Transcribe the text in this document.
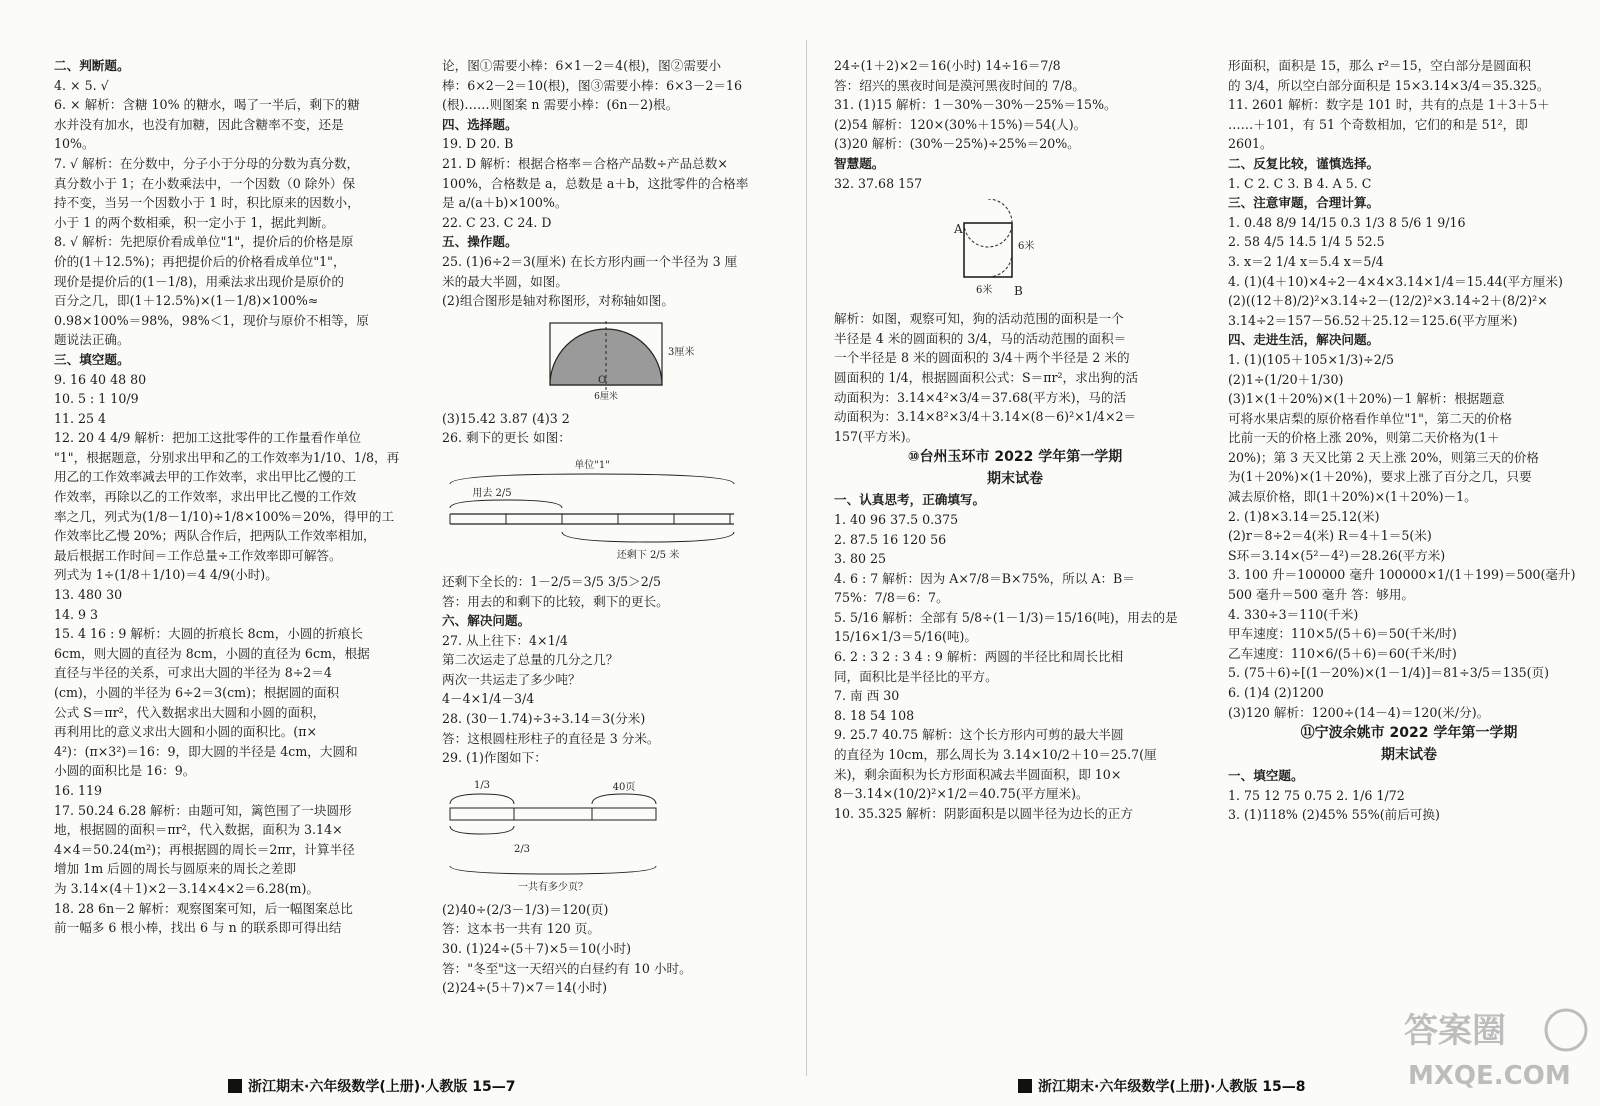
二、判断题。
4. × 5. √
6. × 解析：含糖 10% 的糖水，喝了一半后，剩下的糖
水并没有加水，也没有加糖，因此含糖率不变，还是
10%。
7. √ 解析：在分数中，分子小于分母的分数为真分数，
真分数小于 1；在小数乘法中，一个因数（0 除外）保
持不变，当另一个因数小于 1 时，积比原来的因数小，
小于 1 的两个数相乘，积一定小于 1，据此判断。
8. √ 解析：先把原价看成单位"1"，提价后的价格是原
价的(1＋12.5%)；再把提价后的价格看成单位"1"，
现价是提价后的(1－1/8)，用乘法求出现价是原价的
百分之几，即(1＋12.5%)×(1－1/8)×100%≈
0.98×100%＝98%，98%＜1，现价与原价不相等，原
题说法正确。
三、填空题。
9. 16 40 48 80
10. 5 : 1 10/9
11. 25 4
12. 20 4 4/9 解析：把加工这批零件的工作量看作单位
"1"，根据题意，分别求出甲和乙的工作效率为1/10、1/8，再
用乙的工作效率减去甲的工作效率，求出甲比乙慢的工
作效率，再除以乙的工作效率，求出甲比乙慢的工作效
率之几，列式为(1/8－1/10)÷1/8×100%＝20%，得甲的工
作效率比乙慢 20%；两队合作后，把两队工作效率相加，
最后根据工作时间＝工作总量÷工作效率即可解答。
列式为 1÷(1/8＋1/10)＝4 4/9(小时)。
13. 480 30
14. 9 3
15. 4 16 : 9 解析：大圆的折痕长 8cm，小圆的折痕长
6cm，则大圆的直径为 8cm，小圆的直径为 6cm，根据
直径与半径的关系，可求出大圆的半径为 8÷2＝4
(cm)，小圆的半径为 6÷2＝3(cm)；根据圆的面积
公式 S＝πr²，代入数据求出大圆和小圆的面积，
再利用比的意义求出大圆和小圆的面积比。(π×
4²)：(π×3²)＝16：9，即大圆的半径是 4cm，大圆和
小圆的面积比是 16：9。
16. 119
17. 50.24 6.28 解析：由题可知，篱笆围了一块圆形
地，根据圆的面积＝πr²，代入数据，面积为 3.14×
4×4＝50.24(m²)；再根据圆的周长＝2πr，计算半径
增加 1m 后圆的周长与圆原来的周长之差即
为 3.14×(4＋1)×2－3.14×4×2＝6.28(m)。
18. 28 6n－2 解析：观察图案可知，后一幅图案总比
前一幅多 6 根小棒，找出 6 与 n 的联系即可得出结
论，图①需要小棒：6×1－2＝4(根)，图②需要小
棒：6×2－2＝10(根)，图③需要小棒：6×3－2＝16
(根)……则图案 n 需要小棒：(6n－2)根。
四、选择题。
19. D 20. B
21. D 解析：根据合格率＝合格产品数÷产品总数×
100%，合格数是 a，总数是 a＋b，这批零件的合格率
是 a/(a＋b)×100%。
22. C 23. C 24. D
五、操作题。
25. (1)6÷2＝3(厘米) 在长方形内画一个半径为 3 厘
米的最大半圆，如图。
(2)组合图形是轴对称图形，对称轴如图。
3厘米
O
6厘米
(3)15.42 3.87 (4)3 2
26. 剩下的更长 如图：
单位"1"
用去 2/5
还剩下 2/5 米
还剩下全长的：1－2/5＝3/5 3/5＞2/5
答：用去的和剩下的比较，剩下的更长。
六、解决问题。
27. 从上往下：4×1/4
第二次运走了总量的几分之几？
两次一共运走了多少吨？
4－4×1/4－3/4
28. (30－1.74)÷3÷3.14＝3(分米)
答：这根圆柱形柱子的直径是 3 分米。
29. (1)作图如下：
1/3	40页
2/3
一共有多少页？
(2)40÷(2/3－1/3)＝120(页)
答：这本书一共有 120 页。
30. (1)24÷(5＋7)×5＝10(小时)
答："冬至"这一天绍兴的白昼约有 10 小时。
(2)24÷(5＋7)×7＝14(小时)
24÷(1＋2)×2＝16(小时) 14÷16＝7/8
答：绍兴的黑夜时间是漠河黑夜时间的 7/8。
31. (1)15 解析：1－30%－30%－25%＝15%。
(2)54 解析：120×(30%＋15%)＝54(人)。
(3)20 解析：(30%－25%)÷25%＝20%。
智慧题。
32. 37.68 157
A
B
6米
6米
解析：如图，观察可知，狗的活动范围的面积是一个
半径是 4 米的圆面积的 3/4，马的活动范围的面积＝
一个半径是 8 米的圆面积的 3/4＋两个半径是 2 米的
圆面积的 1/4，根据圆面积公式：S＝πr²，求出狗的活
动面积为：3.14×4²×3/4＝37.68(平方米)，马的活
动面积为：3.14×8²×3/4＋3.14×(8－6)²×1/4×2＝
157(平方米)。
⑩台州玉环市 2022 学年第一学期
期末试卷
一、认真思考，正确填写。
1. 40 96 37.5 0.375
2. 87.5 16 120 56
3. 80 25
4. 6 : 7 解析：因为 A×7/8＝B×75%，所以 A：B＝
75%：7/8＝6：7。
5. 5/16 解析：全部有 5/8÷(1－1/3)＝15/16(吨)，用去的是
15/16×1/3＝5/16(吨)。
6. 2 : 3 2 : 3 4 : 9 解析：两圆的半径比和周长比相
同，面积比是半径比的平方。
7. 南 西 30
8. 18 54 108
9. 25.7 40.75 解析：这个长方形内可剪的最大半圆
的直径为 10cm，那么周长为 3.14×10/2＋10＝25.7(厘
米)，剩余面积为长方形面积减去半圆面积，即 10×
8－3.14×(10/2)²×1/2＝40.75(平方厘米)。
10. 35.325 解析：阴影面积是以圆半径为边长的正方
形面积，面积是 15，那么 r²＝15，空白部分是圆面积
的 3/4，所以空白部分面积是 15×3.14×3/4＝35.325。
11. 2601 解析：数字是 101 时，共有的点是 1＋3＋5＋
……＋101，有 51 个奇数相加，它们的和是 51²，即
2601。
二、反复比较，谨慎选择。
1. C 2. C 3. B 4. A 5. C
三、注意审题，合理计算。
1. 0.48 8/9 14/15 0.3 1/3 8 5/6 1 9/16
2. 58 4/5 14.5 1/4 5 52.5
3. x＝2 1/4 x＝5.4 x＝5/4
4. (1)(4＋10)×4÷2－4×4×3.14×1/4＝15.44(平方厘米)
(2)((12＋8)/2)²×3.14÷2－(12/2)²×3.14÷2＋(8/2)²×
3.14÷2＝157－56.52＋25.12＝125.6(平方厘米)
四、走进生活，解决问题。
1. (1)(105＋105×1/3)÷2/5
(2)1÷(1/20＋1/30)
(3)1×(1＋20%)×(1＋20%)－1 解析：根据题意
可将水果店梨的原价格看作单位"1"，第二天的价格
比前一天的价格上涨 20%，则第二天价格为(1＋
20%)；第 3 天又比第 2 天上涨 20%，则第三天的价格
为(1＋20%)×(1＋20%)，要求上涨了百分之几，只要
减去原价格，即(1＋20%)×(1＋20%)－1。
2. (1)8×3.14＝25.12(米)
(2)r＝8÷2＝4(米) R＝4＋1＝5(米)
S环＝3.14×(5²－4²)＝28.26(平方米)
3. 100 升＝100000 毫升 100000×1/(1＋199)＝500(毫升)
500 毫升＝500 毫升 答：够用。
4. 330÷3＝110(千米)
甲车速度：110×5/(5＋6)＝50(千米/时)
乙车速度：110×6/(5＋6)＝60(千米/时)
5. (75＋6)÷[(1－20%)×(1－1/4)]＝81÷3/5＝135(页)
6. (1)4 (2)1200
(3)120 解析：1200÷(14－4)＝120(米/分)。
⑪宁波余姚市 2022 学年第一学期
期末试卷
一、填空题。
1. 75 12 75 0.75 2. 1/6 1/72
3. (1)118% (2)45% 55%(前后可换)
浙江期末·六年级数学(上册)·人教版 15—7	浙江期末·六年级数学(上册)·人教版 15—8
答案圈
MXQE.COM
